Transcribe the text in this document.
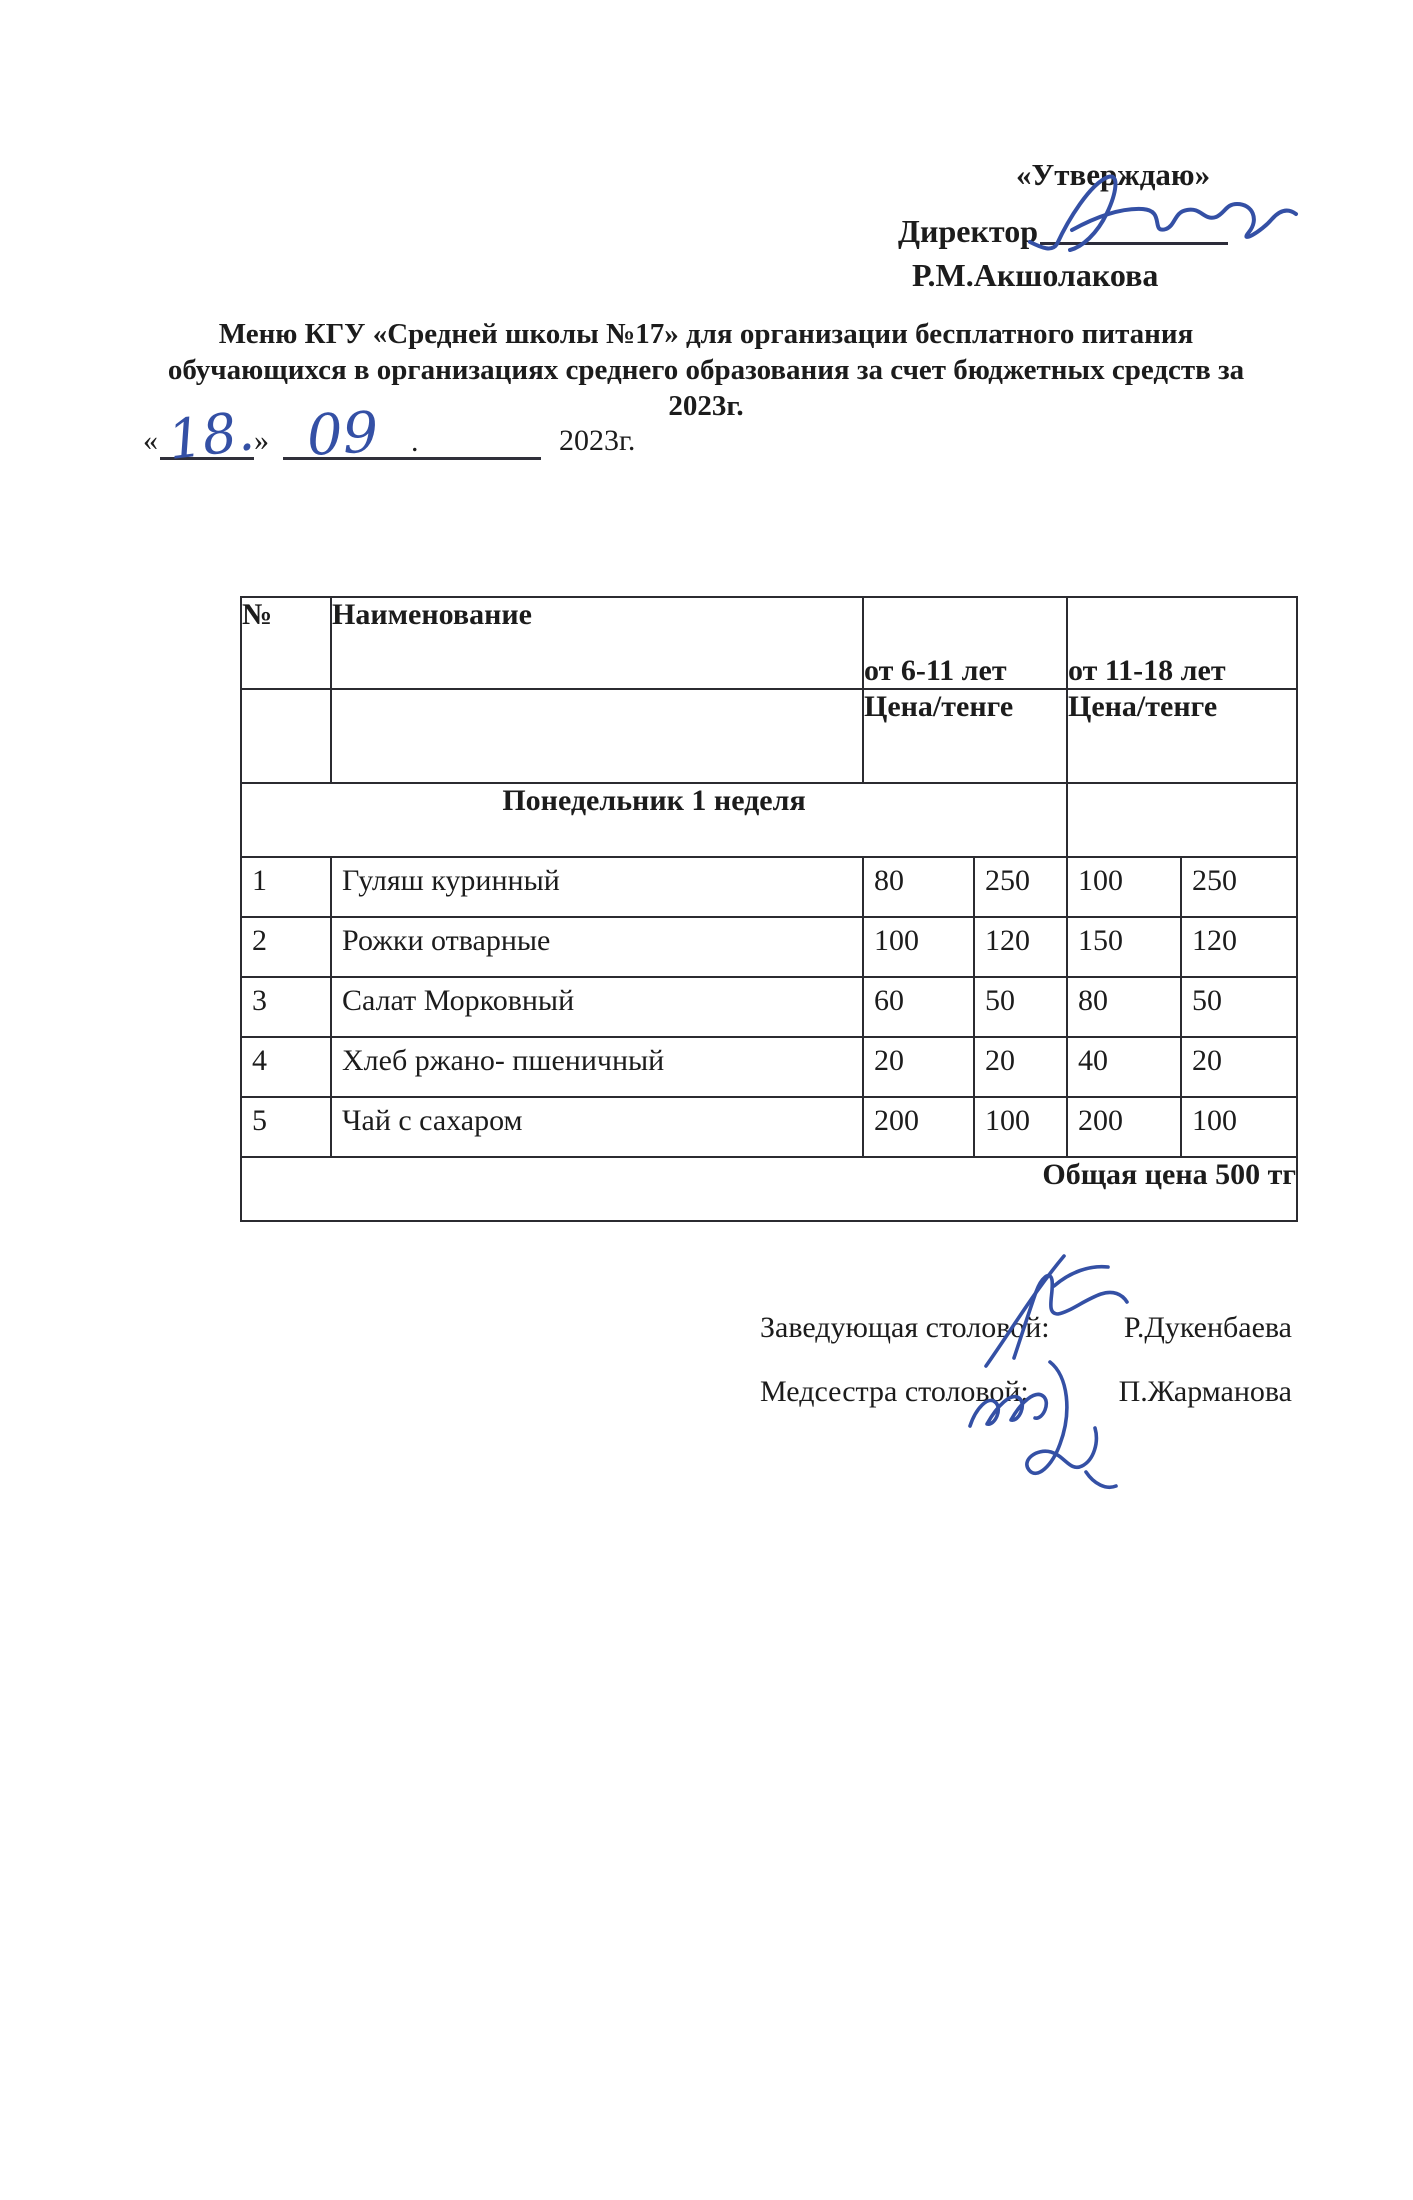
«Утверждаю»
Директор
Р.М.Акшолакова
Меню КГУ «Средней школы №17» для организации бесплатного питания
обучающихся в организациях среднего образования за счет бюджетных средств за
2023г.
« 18.
» 09 .	2023г.
№	Наименование	от 6-11 лет		от 11-18 лет	
		Цена/тенге		Цена/тенге	
Понедельник 1 неделя					
1	Гуляш куринный	80	250	100	250
2	Рожки отварные	100	120	150	120
3	Салат Морковный	60	50	80	50
4	Хлеб ржано- пшеничный	20	20	40	20
5	Чай с сахаром	200	100	200	100
Общая цена 500 тг					
Заведующая столовой: Р.Дукенбаева
Медсестра столовой:	П.Жарманова
